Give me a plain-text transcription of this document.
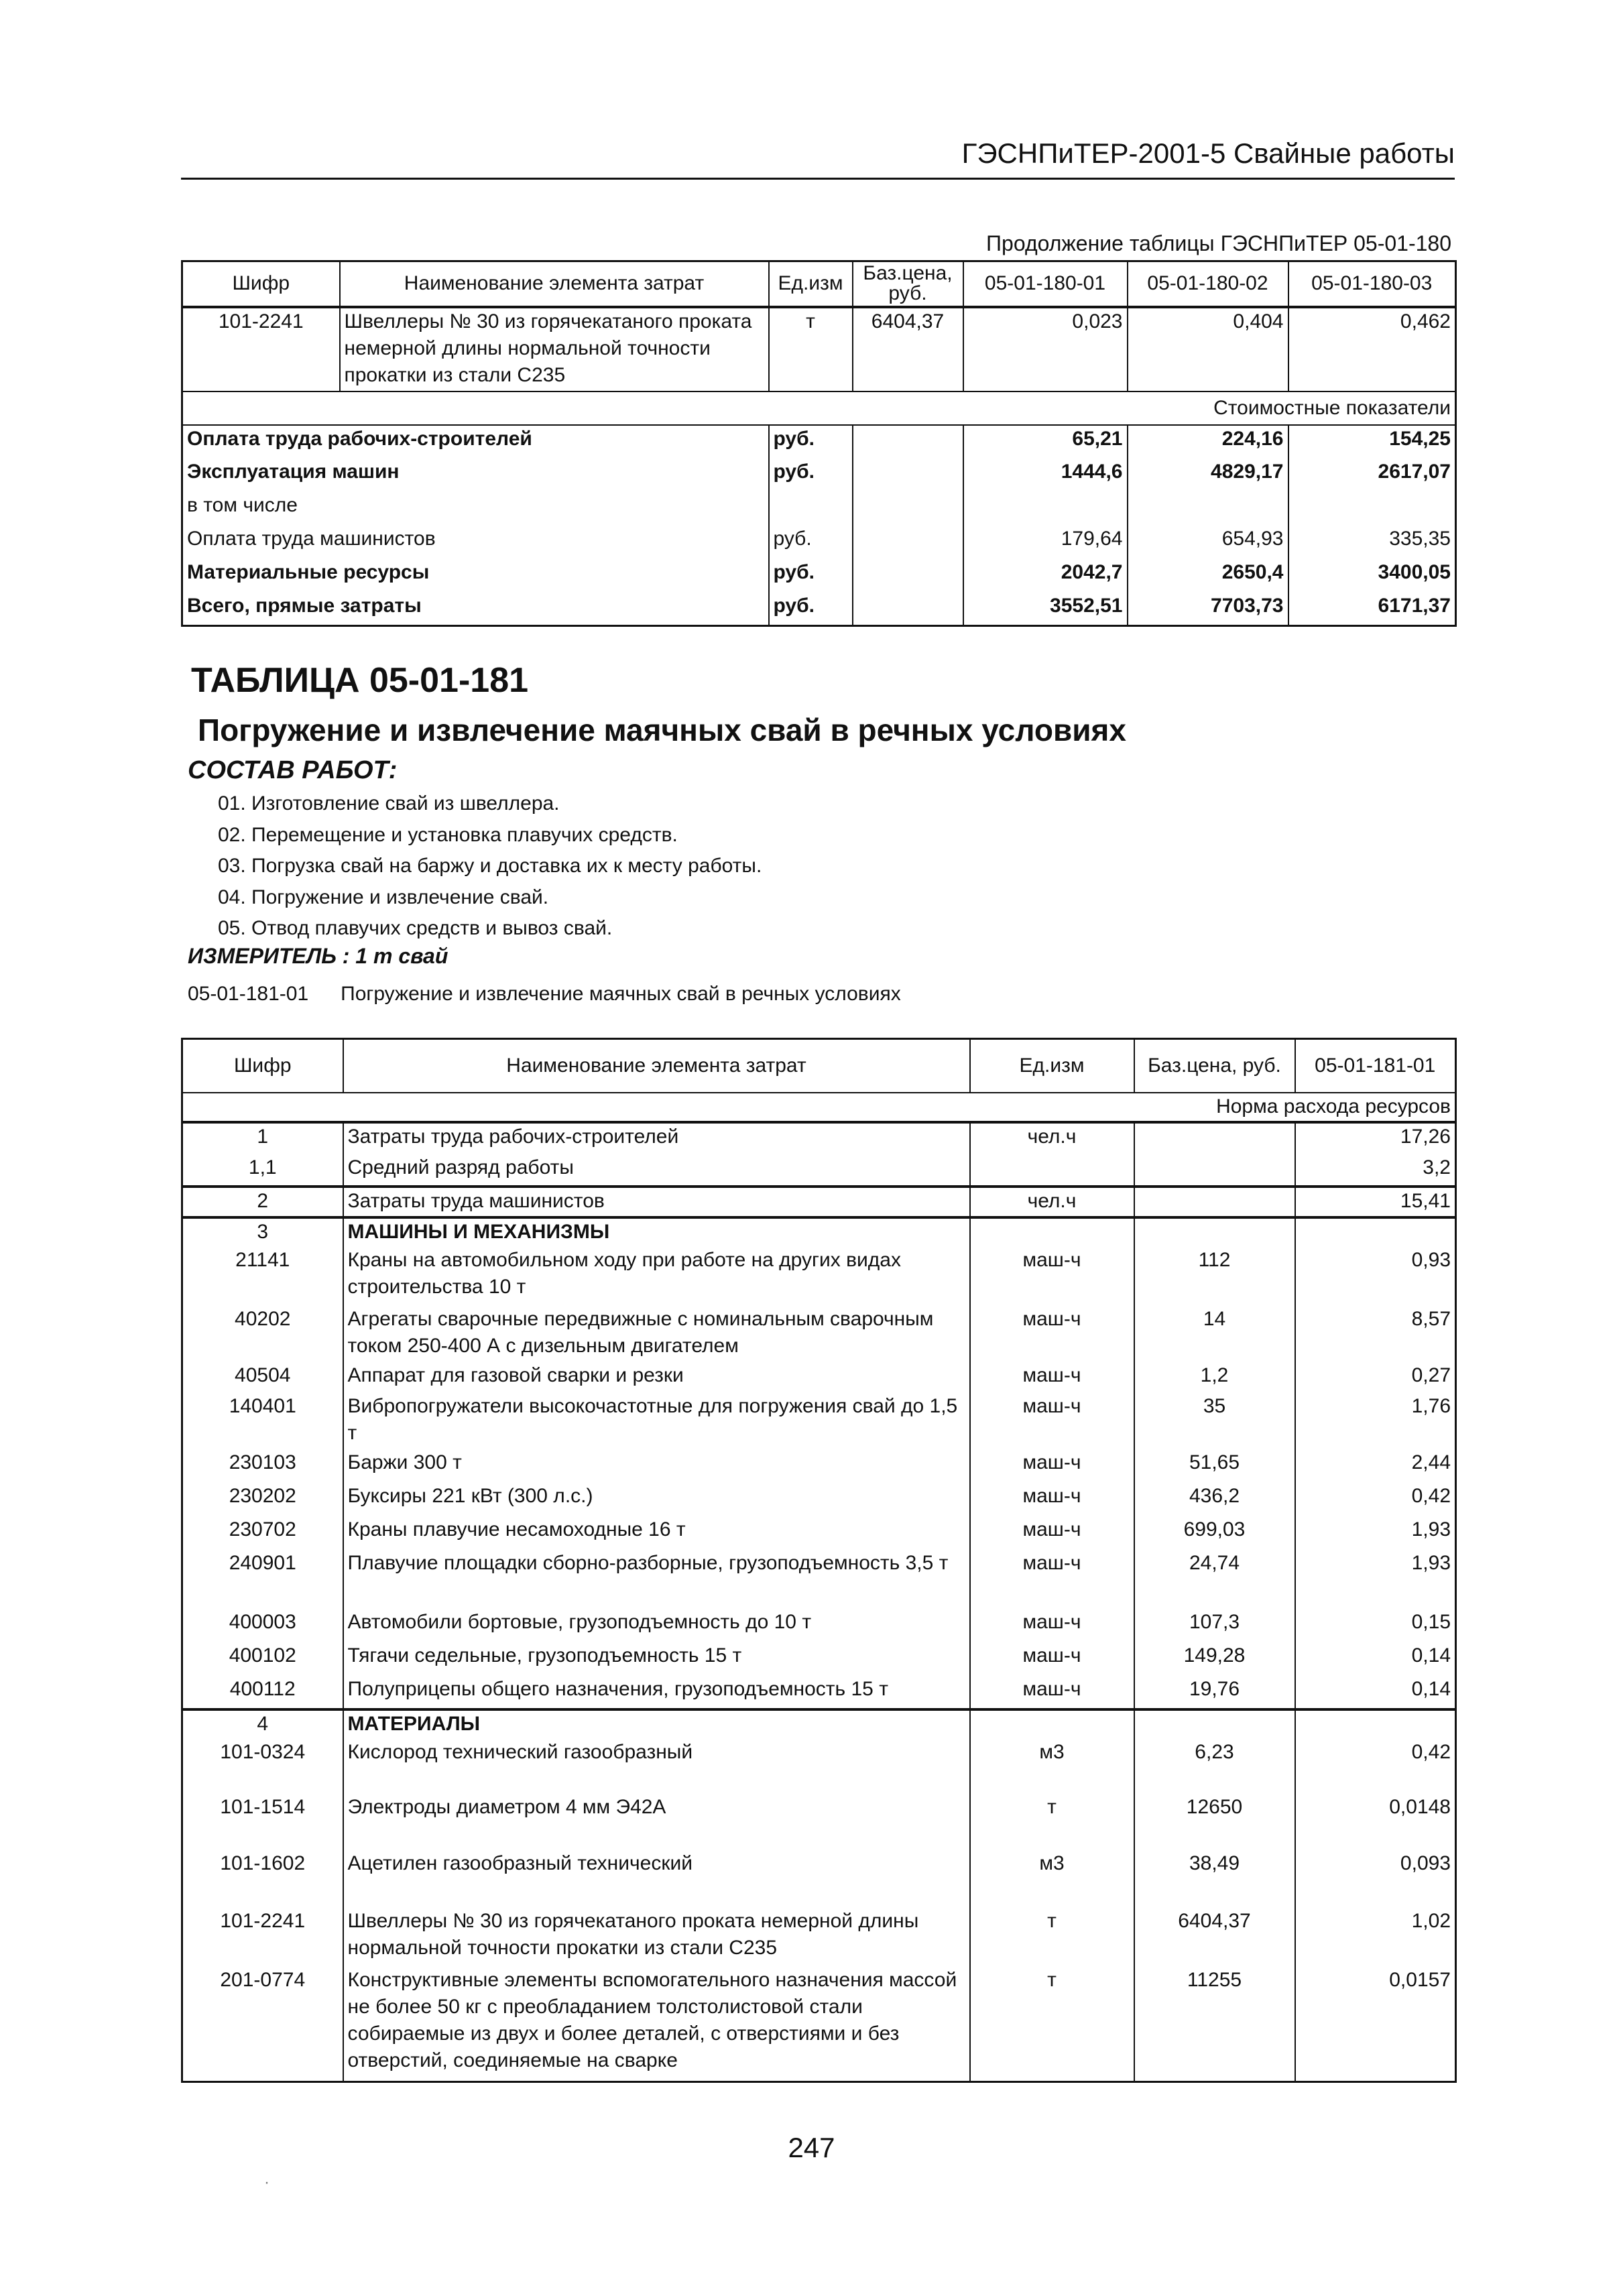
ГЭСНПиТЕР-2001-5 Свайные работы
Продолжение таблицы ГЭСНПиТЕР 05-01-180
Шифр	Наименование элемента затрат	Ед.изм	Баз.цена, руб.	05-01-180-01	05-01-180-02	05-01-180-03
101-2241	Швеллеры № 30 из горячекатаного проката немерной длины нормальной точности прокатки из стали С235	т	6404,37	0,023	0,404	0,462
Стоимостные показатели						
Оплата труда рабочих-строителей		руб.		65,21	224,16	154,25
Эксплуатация машин		руб.		1444,6	4829,17	2617,07
в том числе						
Оплата труда машинистов		руб.		179,64	654,93	335,35
Материальные ресурсы		руб.		2042,7	2650,4	3400,05
Всего, прямые затраты		руб.		3552,51	7703,73	6171,37
ТАБЛИЦА 05-01-181
Погружение и извлечение маячных свай в речных условиях
СОСТАВ РАБОТ:
01. Изготовление свай из швеллера.
02. Перемещение и установка плавучих средств.
03. Погрузка свай на баржу и доставка их к месту работы.
04. Погружение и извлечение свай.
05. Отвод плавучих средств и вывоз свай.
ИЗМЕРИТЕЛЬ : 1 т свай
05-01-181-01 Погружение и извлечение маячных свай в речных условиях
Шифр	Наименование элемента затрат	Ед.изм	Баз.цена, руб.	05-01-181-01
Норма расхода ресурсов				
1	Затраты труда рабочих-строителей	чел.ч		17,26
1,1	Средний разряд работы			3,2
2	Затраты труда машинистов	чел.ч		15,41
3	МАШИНЫ И МЕХАНИЗМЫ			
21141	Краны на автомобильном ходу при работе на других видах строительства 10 т	маш-ч	112	0,93
40202	Агрегаты сварочные передвижные с номинальным сварочным током 250-400 А с дизельным двигателем	маш-ч	14	8,57
40504	Аппарат для газовой сварки и резки	маш-ч	1,2	0,27
140401	Вибропогружатели высокочастотные для погружения свай до 1,5 т	маш-ч	35	1,76
230103	Баржи 300 т	маш-ч	51,65	2,44
230202	Буксиры 221 кВт (300 л.с.)	маш-ч	436,2	0,42
230702	Краны плавучие несамоходные 16 т	маш-ч	699,03	1,93
240901	Плавучие площадки сборно-разборные, грузоподъемность 3,5 т	маш-ч	24,74	1,93
400003	Автомобили бортовые, грузоподъемность до 10 т	маш-ч	107,3	0,15
400102	Тягачи седельные, грузоподъемность 15 т	маш-ч	149,28	0,14
400112	Полуприцепы общего назначения, грузоподъемность 15 т	маш-ч	19,76	0,14
4	МАТЕРИАЛЫ			
101-0324	Кислород технический газообразный	м3	6,23	0,42
101-1514	Электроды диаметром 4 мм Э42А	т	12650	0,0148
101-1602	Ацетилен газообразный технический	м3	38,49	0,093
101-2241	Швеллеры № 30 из горячекатаного проката немерной длины нормальной точности прокатки из стали С235	т	6404,37	1,02
201-0774	Конструктивные элементы вспомогательного назначения массой не более 50 кг с преобладанием толстолистовой стали собираемые из двух и более деталей, с отверстиями и без отверстий, соединяемые на сварке	т	11255	0,0157
247
·
